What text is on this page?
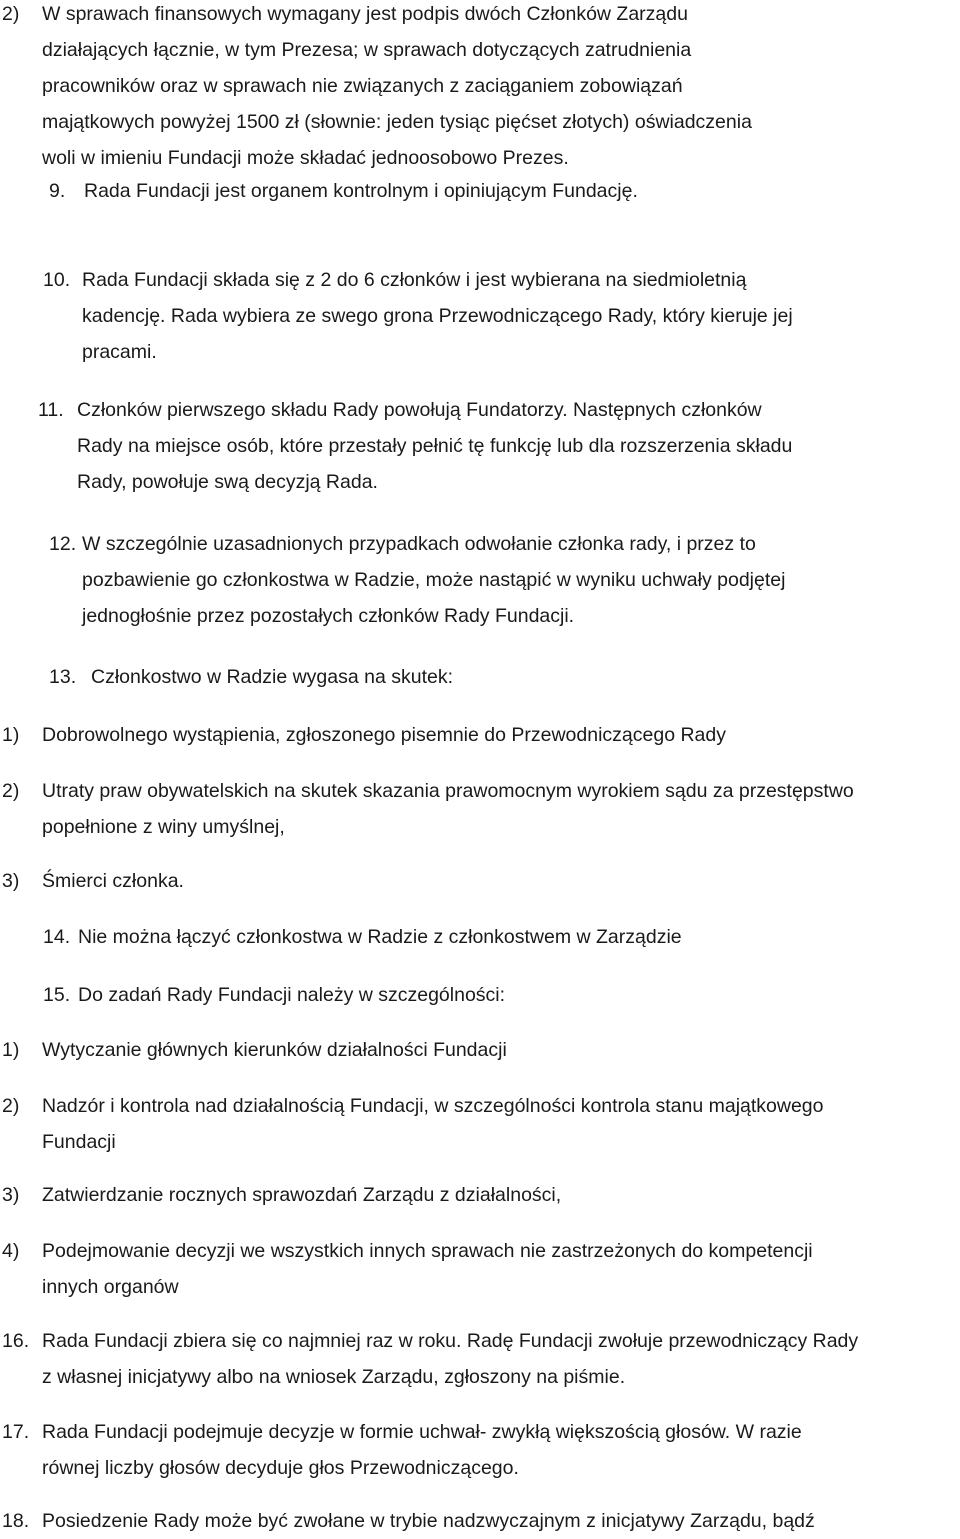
2) W sprawach finansowych wymagany jest podpis dwóch Członków Zarządu
działających łącznie, w tym Prezesa; w sprawach dotyczących zatrudnienia
pracowników oraz w sprawach nie związanych z zaciąganiem zobowiązań
majątkowych powyżej 1500 zł (słownie: jeden tysiąc pięćset złotych) oświadczenia
woli w imieniu Fundacji może składać jednoosobowo Prezes.
9. Rada Fundacji jest organem kontrolnym i opiniującym Fundację.
10. Rada Fundacji składa się z 2 do 6 członków i jest wybierana na siedmioletnią
kadencję. Rada wybiera ze swego grona Przewodniczącego Rady, który kieruje jej
pracami.
11. Członków pierwszego składu Rady powołują Fundatorzy. Następnych członków
Rady na miejsce osób, które przestały pełnić tę funkcję lub dla rozszerzenia składu
Rady, powołuje swą decyzją Rada.
12. W szczególnie uzasadnionych przypadkach odwołanie członka rady, i przez to
pozbawienie go członkostwa w Radzie, może nastąpić w wyniku uchwały podjętej
jednogłośnie przez pozostałych członków Rady Fundacji.
13. Członkostwo w Radzie wygasa na skutek:
1) Dobrowolnego wystąpienia, zgłoszonego pisemnie do Przewodniczącego Rady
2) Utraty praw obywatelskich na skutek skazania prawomocnym wyrokiem sądu za przestępstwo
popełnione z winy umyślnej,
3) Śmierci członka.
14. Nie można łączyć członkostwa w Radzie z członkostwem w Zarządzie
15. Do zadań Rady Fundacji należy w szczególności:
1) Wytyczanie głównych kierunków działalności Fundacji
2) Nadzór i kontrola nad działalnością Fundacji, w szczególności kontrola stanu majątkowego
Fundacji
3) Zatwierdzanie rocznych sprawozdań Zarządu z działalności,
4) Podejmowanie decyzji we wszystkich innych sprawach nie zastrzeżonych do kompetencji
innych organów
16. Rada Fundacji zbiera się co najmniej raz w roku. Radę Fundacji zwołuje przewodniczący Rady
z własnej inicjatywy albo na wniosek Zarządu, zgłoszony na piśmie.
17. Rada Fundacji podejmuje decyzje w formie uchwał- zwykłą większością głosów. W razie
równej liczby głosów decyduje głos Przewodniczącego.
18. Posiedzenie Rady może być zwołane w trybie nadzwyczajnym z inicjatywy Zarządu, bądź
